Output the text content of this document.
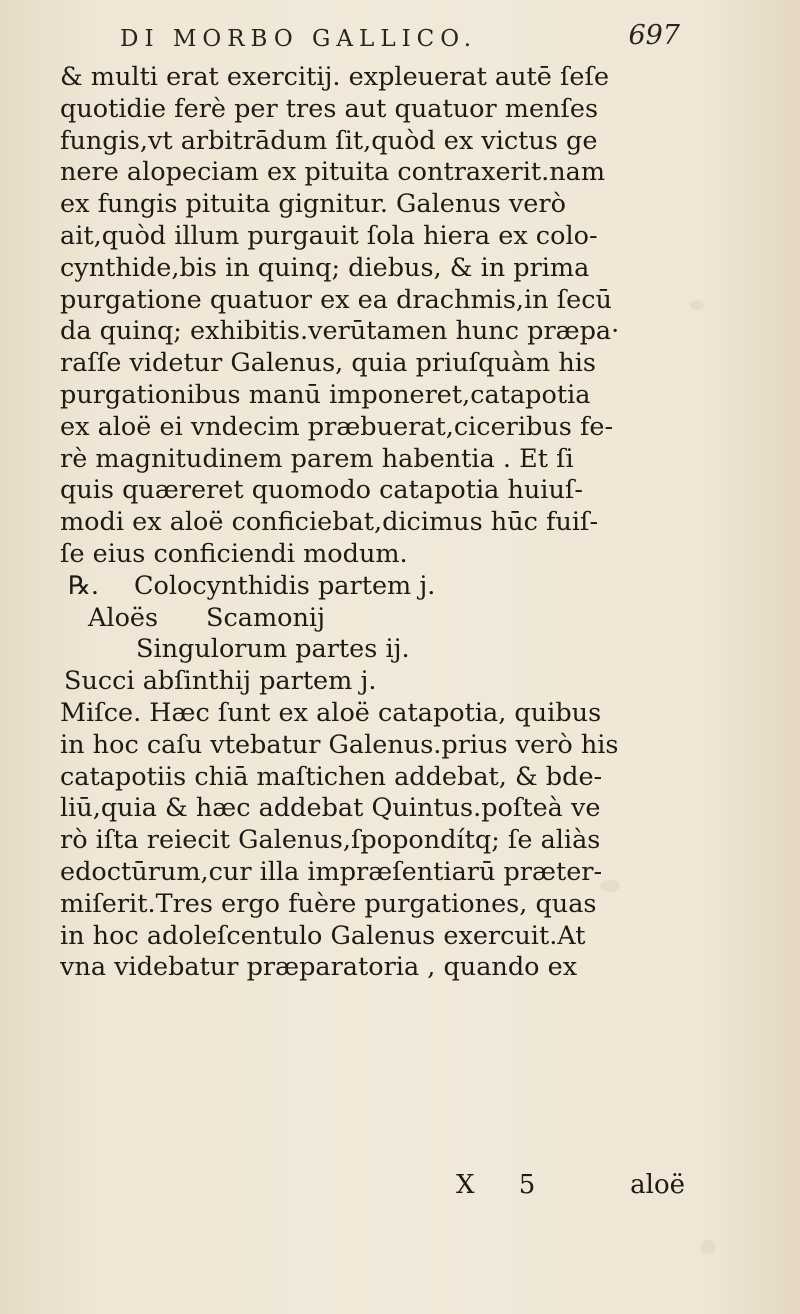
DI MORBO GALLICO.	697
& multi erat exercitij. expleuerat autē ſeſe
quotidie ferè per tres aut quatuor menſes
fungis,vt arbitrādum ſit,quòd ex victus ge
nere alopeciam ex pituita contraxerit.nam
ex fungis pituita gignitur. Galenus verò
ait,quòd illum purgauit ſola hiera ex colo-
cynthide,bis in quinq; diebus, & in prima
purgatione quatuor ex ea drachmis,in ſecū
da quinq; exhibitis.verūtamen hunc præpa·
raſſe videtur Galenus, quia priuſquàm his
purgationibus manū imponeret,catapotia
ex aloë ei vndecim præbuerat,ciceribus fe-
rè magnitudinem parem habentia . Et ſi
quis quæreret quomodo catapotia huiuſ-
modi ex aloë conficiebat,dicimus hūc fuiſ-
ſe eius conficiendi modum.
℞. Colocynthidis partem j.
Aloës Scamonij
Singulorum partes ij.
Succi abſinthij partem j.
Miſce. Hæc ſunt ex aloë catapotia, quibus
in hoc caſu vtebatur Galenus.prius verò his
catapotiis chiā maſtichen addebat, & bde-
liū,quia & hæc addebat Quintus.poſteà ve
rò iſta reiecit Galenus,ſpopondítq; ſe aliàs
edoctūrum,cur illa impræſentiarū præter-
miſerit.Tres ergo fuère purgationes, quas
in hoc adoleſcentulo Galenus exercuit.At
vna videbatur præparatoria , quando ex
X 5	aloë
